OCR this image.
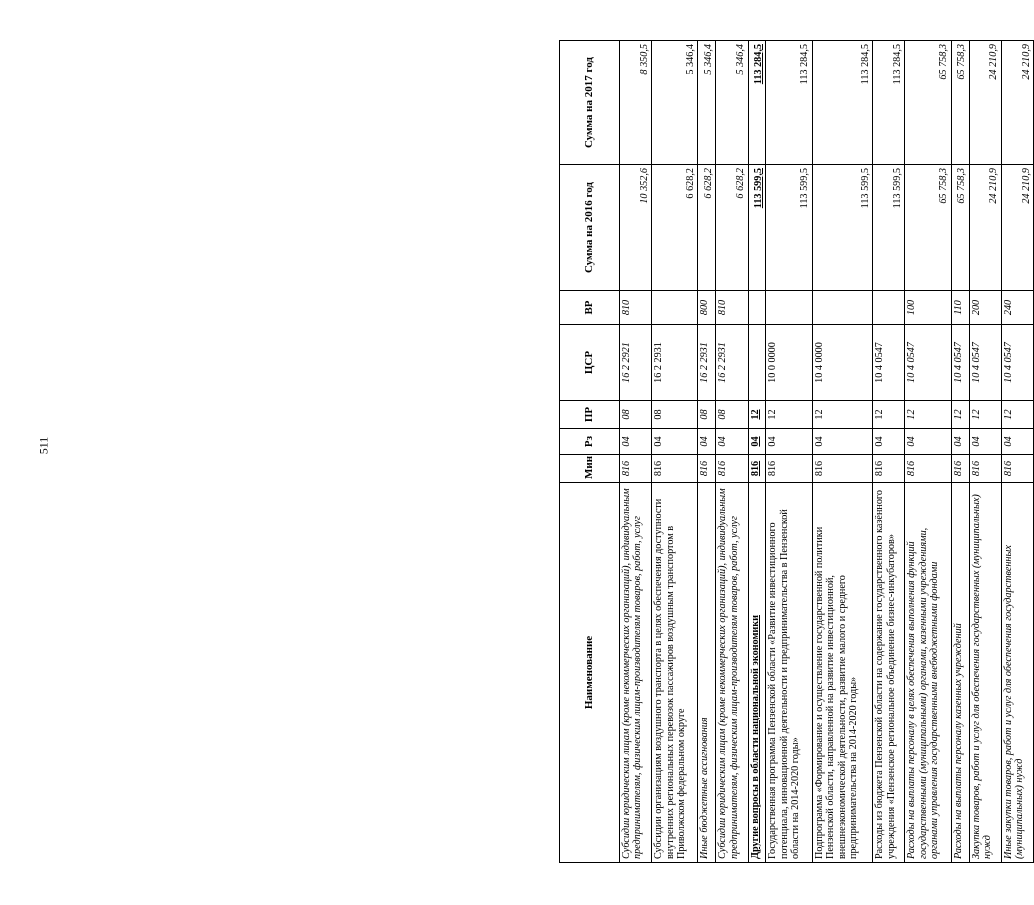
511
Наименование	Мин	Рз	ПР	ЦСР	ВР	Сумма на 2016 год	Сумма на 2017 год
Субсидии юридическим лицам (кроме некоммерческих организаций), индивидуальным предпринимателям, физическим лицам-производителям товаров, работ, услуг	816	04	08	16 2 2921	810	10 352,6	8 350,5
Субсидии организациям воздушного транспорта в целях обеспечения доступности внутренних региональных перевозок пассажиров воздушным транспортом в Приволжском федеральном округе	816	04	08	16 2 2931		6 628,2	5 346,4
Иные бюджетные ассигнования	816	04	08	16 2 2931	800	6 628,2	5 346,4
Субсидии юридическим лицам (кроме некоммерческих организаций), индивидуальным предпринимателям, физическим лицам-производителям товаров, работ, услуг	816	04	08	16 2 2931	810	6 628,2	5 346,4
Другие вопросы в области национальной экономики	816	04	12			113 599,5	113 284,5
Государственная программа Пензенской области «Развитие инвестиционного потенциала, инновационной деятельности и предпринимательства в Пензенской области на 2014-2020 годы»	816	04	12	10 0 0000		113 599,5	113 284,5
Подпрограмма «Формирование и осуществление государственной политики Пензенской области, направленной на развитие инвестиционной, внешнеэкономической деятельности, развитие малого и среднего предпринимательства на 2014-2020 годы»	816	04	12	10 4 0000		113 599,5	113 284,5
Расходы из бюджета Пензенской области на содержание государственного казённого учреждения «Пензенское региональное объединение бизнес-инкубаторов»	816	04	12	10 4 0547		113 599,5	113 284,5
Расходы на выплаты персоналу в целях обеспечения выполнения функций государственными (муниципальными) органами, казенными учреждениями, органами управления государственными внебюджетными фондами	816	04	12	10 4 0547	100	65 758,3	65 758,3
Расходы на выплаты персоналу казенных учреждений	816	04	12	10 4 0547	110	65 758,3	65 758,3
Закупка товаров, работ и услуг для обеспечения государственных (муниципальных) нужд	816	04	12	10 4 0547	200	24 210,9	24 210,9
Иные закупки товаров, работ и услуг для обеспечения государственных (муниципальных) нужд	816	04	12	10 4 0547	240	24 210,9	24 210,9
